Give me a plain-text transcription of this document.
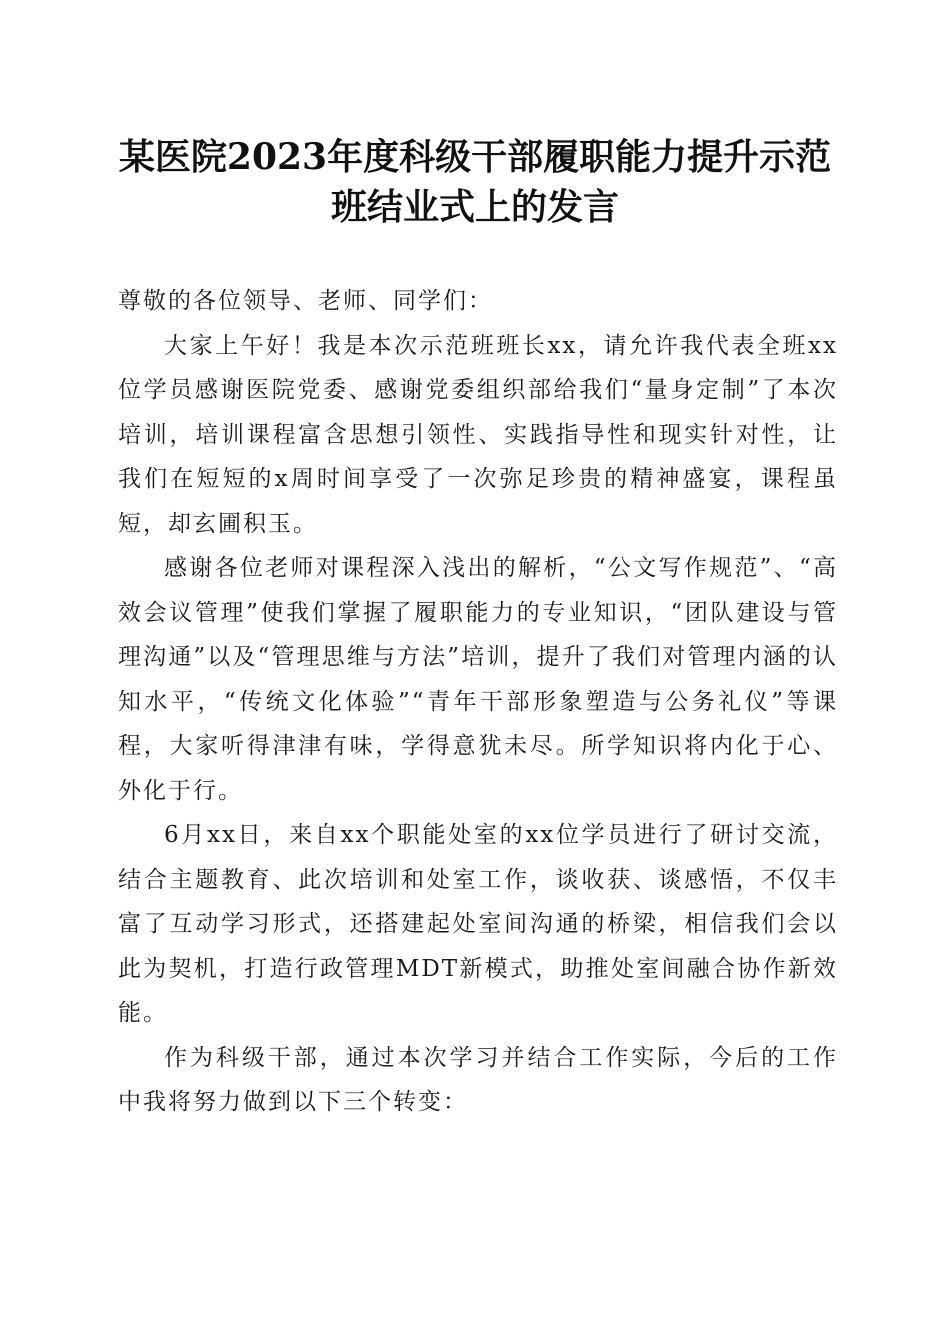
某医院2023年度科级干部履职能力提升示范
班结业式上的发言

尊敬的各位领导、老师、同学们：

大家上午好！我是本次示范班班长xx，请允许我代表全班xx位学员感谢医院党委、感谢党委组织部给我们“量身定制”了本次培训，培训课程富含思想引领性、实践指导性和现实针对性，让我们在短短的x周时间享受了一次弥足珍贵的精神盛宴，课程虽短，却玄圃积玉。

感谢各位老师对课程深入浅出的解析，“公文写作规范”、“高效会议管理”使我们掌握了履职能力的专业知识，“团队建设与管理沟通”以及“管理思维与方法”培训，提升了我们对管理内涵的认知水平，“传统文化体验”“青年干部形象塑造与公务礼仪”等课程，大家听得津津有味，学得意犹未尽。所学知识将内化于心、外化于行。

6月xx日，来自xx个职能处室的xx位学员进行了研讨交流，结合主题教育、此次培训和处室工作，谈收获、谈感悟，不仅丰富了互动学习形式，还搭建起处室间沟通的桥梁，相信我们会以此为契机，打造行政管理MDT新模式，助推处室间融合协作新效能。

作为科级干部，通过本次学习并结合工作实际，今后的工作中我将努力做到以下三个转变：
